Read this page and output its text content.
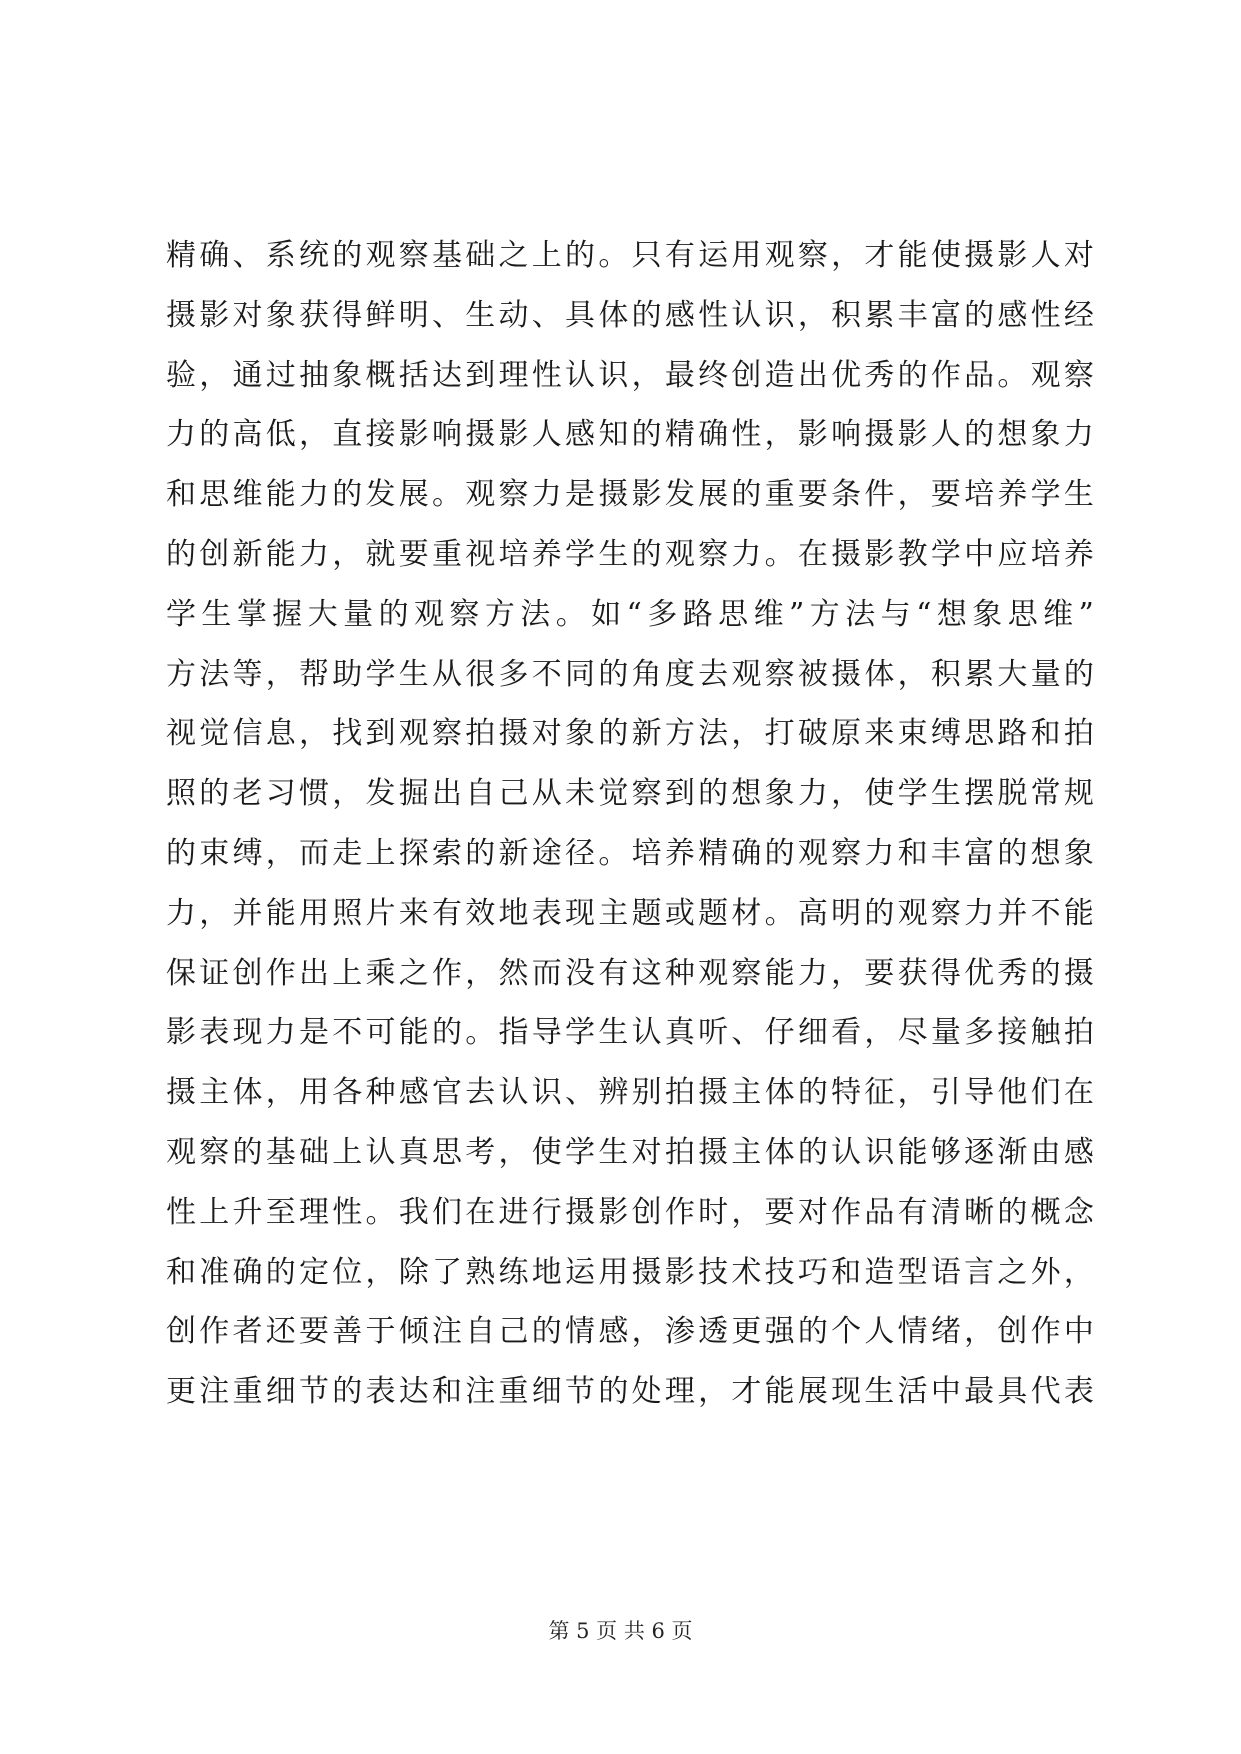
精确、系统的观察基础之上的。只有运用观察，才能使摄影人对
摄影对象获得鲜明、生动、具体的感性认识，积累丰富的感性经
验，通过抽象概括达到理性认识，最终创造出优秀的作品。观察
力的高低，直接影响摄影人感知的精确性，影响摄影人的想象力
和思维能力的发展。观察力是摄影发展的重要条件，要培养学生
的创新能力，就要重视培养学生的观察力。在摄影教学中应培养
学生掌握大量的观察方法。如“多路思维”方法与“想象思维”
方法等，帮助学生从很多不同的角度去观察被摄体，积累大量的
视觉信息，找到观察拍摄对象的新方法，打破原来束缚思路和拍
照的老习惯，发掘出自己从未觉察到的想象力，使学生摆脱常规
的束缚，而走上探索的新途径。培养精确的观察力和丰富的想象
力，并能用照片来有效地表现主题或题材。高明的观察力并不能
保证创作出上乘之作，然而没有这种观察能力，要获得优秀的摄
影表现力是不可能的。指导学生认真听、仔细看，尽量多接触拍
摄主体，用各种感官去认识、辨别拍摄主体的特征，引导他们在
观察的基础上认真思考，使学生对拍摄主体的认识能够逐渐由感
性上升至理性。我们在进行摄影创作时，要对作品有清晰的概念
和准确的定位，除了熟练地运用摄影技术技巧和造型语言之外，
创作者还要善于倾注自己的情感，渗透更强的个人情绪，创作中
更注重细节的表达和注重细节的处理，才能展现生活中最具代表
第 5 页 共 6 页
